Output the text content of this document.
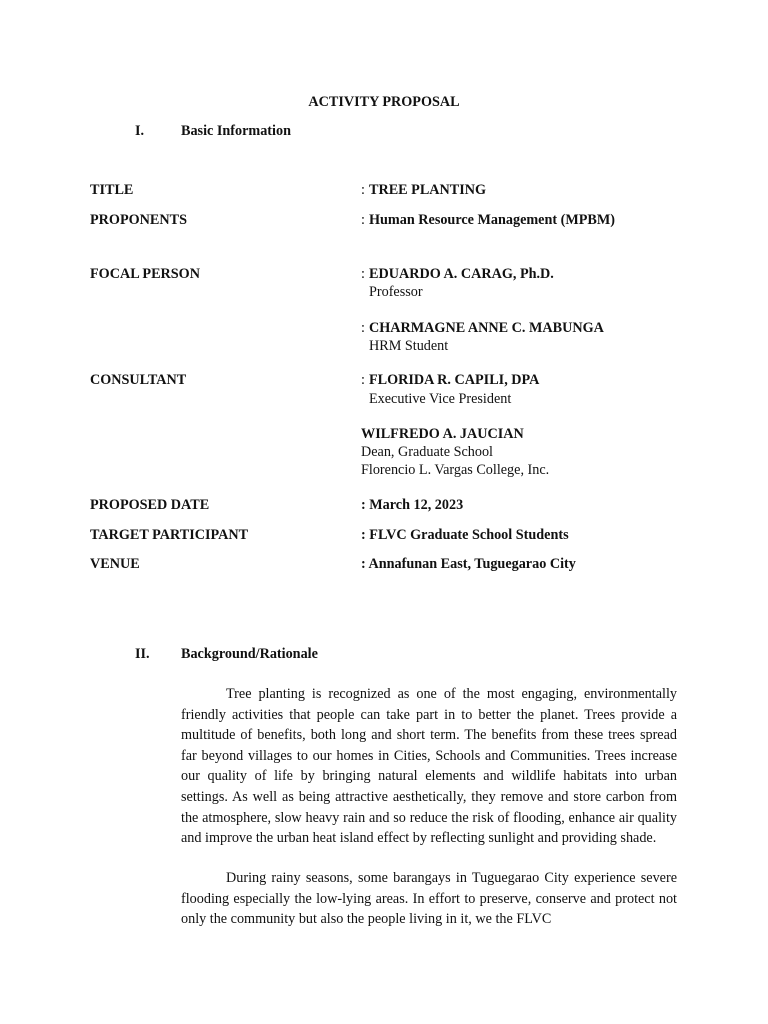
ACTIVITY PROPOSAL
I.	Basic Information
TITLE	: TREE PLANTING
PROPONENTS	: Human Resource Management (MPBM)
FOCAL PERSON	: EDUARDO A. CARAG, Ph.D.
Professor
: CHARMAGNE ANNE C. MABUNGA
HRM Student
CONSULTANT	: FLORIDA R. CAPILI, DPA
Executive Vice President
WILFREDO A. JAUCIAN
Dean, Graduate School
Florencio L. Vargas College, Inc.
PROPOSED DATE	: March 12, 2023
TARGET PARTICIPANT	: FLVC Graduate School Students
VENUE	: Annafunan East, Tuguegarao City
II. Background/Rationale

Tree planting is recognized as one of the most engaging, environmentally friendly activities that people can take part in to better the planet. Trees provide a multitude of benefits, both long and short term. The benefits from these trees spread far beyond villages to our homes in Cities, Schools and Communities. Trees increase our quality of life by bringing natural elements and wildlife habitats into urban settings. As well as being attractive aesthetically, they remove and store carbon from the atmosphere, slow heavy rain and so reduce the risk of flooding, enhance air quality and improve the urban heat island effect by reflecting sunlight and providing shade.

During rainy seasons, some barangays in Tuguegarao City experience severe flooding especially the low-lying areas. In effort to preserve, conserve and protect not only the community but also the people living in it, we the FLVC
